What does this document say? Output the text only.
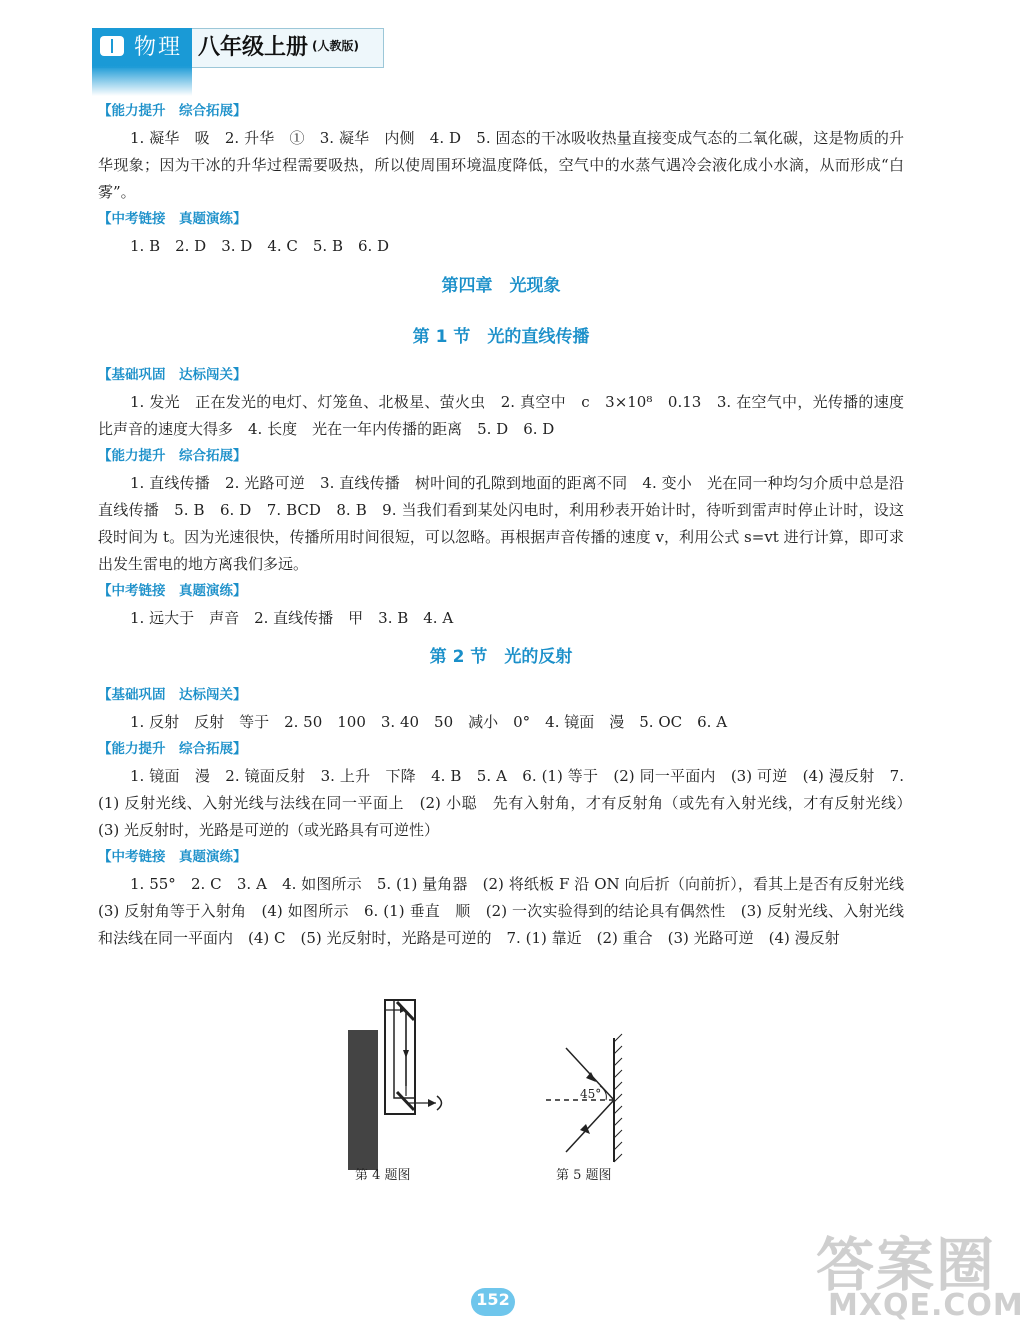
物理 八年级上册 (人教版)
【能力提升　综合拓展】

1. 凝华　吸　2. 升华　①　3. 凝华　内侧　4. D　5. 固态的干冰吸收热量直接变成气态的二氧化碳，这是物质的升华现象；因为干冰的升华过程需要吸热，所以使周围环境温度降低，空气中的水蒸气遇冷会液化成小水滴，从而形成“白雾”。

【中考链接　真题演练】

1. B　2. D　3. D　4. C　5. B　6. D

第四章　光现象
第 1 节　光的直线传播
【基础巩固　达标闯关】

1. 发光　正在发光的电灯、灯笼鱼、北极星、萤火虫　2. 真空中　c　3×10⁸　0.13　3. 在空气中，光传播的速度比声音的速度大得多　4. 长度　光在一年内传播的距离　5. D　6. D

【能力提升　综合拓展】

1. 直线传播　2. 光路可逆　3. 直线传播　树叶间的孔隙到地面的距离不同　4. 变小　光在同一种均匀介质中总是沿直线传播　5. B　6. D　7. BCD　8. B　9. 当我们看到某处闪电时，利用秒表开始计时，待听到雷声时停止计时，设这段时间为 t。因为光速很快，传播所用时间很短，可以忽略。再根据声音传播的速度 v，利用公式 s=vt 进行计算，即可求出发生雷电的地方离我们多远。

【中考链接　真题演练】

1. 远大于　声音　2. 直线传播　甲　3. B　4. A

第 2 节　光的反射
【基础巩固　达标闯关】

1. 反射　反射　等于　2. 50　100　3. 40　50　减小　0°　4. 镜面　漫　5. OC　6. A

【能力提升　综合拓展】

1. 镜面　漫　2. 镜面反射　3. 上升　下降　4. B　5. A　6. (1) 等于　(2) 同一平面内　(3) 可逆　(4) 漫反射　7. (1) 反射光线、入射光线与法线在同一平面上　(2) 小聪　先有入射角，才有反射角（或先有入射光线，才有反射光线）　(3) 光反射时，光路是可逆的（或光路具有可逆性）

【中考链接　真题演练】

1. 55°　2. C　3. A　4. 如图所示　5. (1) 量角器　(2) 将纸板 F 沿 ON 向后折（向前折），看其上是否有反射光线　(3) 反射角等于入射角　(4) 如图所示　6. (1) 垂直　顺　(2) 一次实验得到的结论具有偶然性　(3) 反射光线、入射光线和法线在同一平面内　(4) C　(5) 光反射时，光路是可逆的　7. (1) 靠近　(2) 重合　(3) 光路可逆　(4) 漫反射

45°
第 4 题图	第 5 题图
152
答案圈
MXQE.COM
